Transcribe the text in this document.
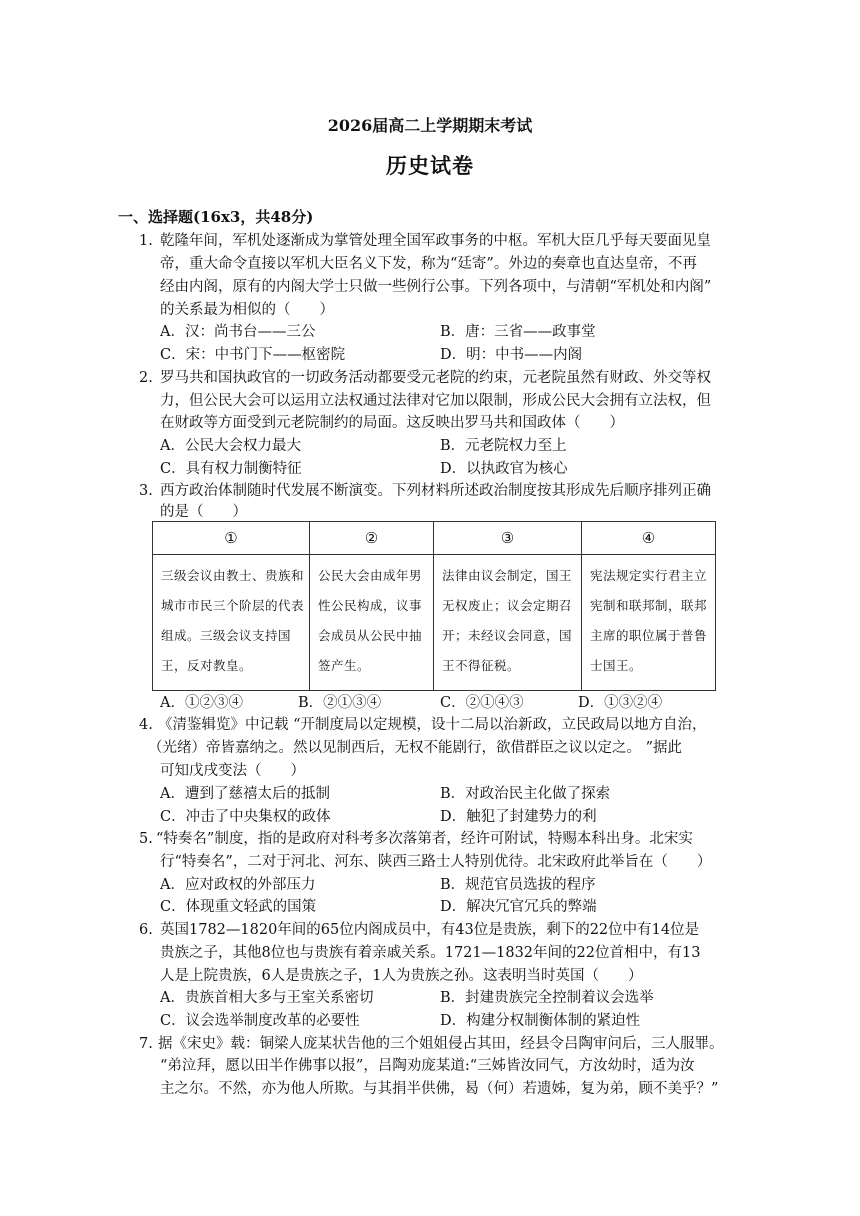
2026届高二上学期期末考试
历史试卷
一、选择题(16x3，共48分)
1. 乾隆年间，军机处逐渐成为掌管处理全国军政事务的中枢。军机大臣几乎每天要面见皇
帝，重大命令直接以军机大臣名义下发，称为“廷寄”。外边的奏章也直达皇帝，不再
经由内阁，原有的内阁大学士只做一些例行公事。下列各项中，与清朝“军机处和内阁”
的关系最为相似的（　　）
A．汉：尚书台——三公	B．唐：三省——政事堂
C．宋：中书门下——枢密院	D．明：中书——内阁
2. 罗马共和国执政官的一切政务活动都要受元老院的约束，元老院虽然有财政、外交等权
力，但公民大会可以运用立法权通过法律对它加以限制，形成公民大会拥有立法权，但
在财政等方面受到元老院制约的局面。这反映出罗马共和国政体（　　）
A．公民大会权力最大	B．元老院权力至上
C．具有权力制衡特征	D．以执政官为核心
3. 西方政治体制随时代发展不断演变。下列材料所述政治制度按其形成先后顺序排列正确
的是（　　）
①	②	③	④

三级会议由教士、贵族和城市市民三个阶层的代表组成。三级会议支持国王，反对教皇。	公民大会由成年男性公民构成，议事会成员从公民中抽签产生。	法律由议会制定，国王无权废止；议会定期召开；未经议会同意，国王不得征税。	宪法规定实行君主立宪制和联邦制，联邦主席的职位属于普鲁士国王。
A．①②③④	B．②①③④	C．②①④③	D．①③②④
4. 《清鉴辑览》中记载 “开制度局以定规模，设十二局以治新政，立民政局以地方自治，
（光绪）帝皆嘉纳之。然以见制西后，无权不能剧行，欲借群臣之议以定之。 ”据此
可知戊戌变法（　　）
A．遭到了慈禧太后的抵制	B．对政治民主化做了探索
C．冲击了中央集权的政体	D．触犯了封建势力的利
5. “特奏名”制度，指的是政府对科考多次落第者，经许可附试，特赐本科出身。北宋实
行“特奏名”，二对于河北、河东、陕西三路士人特别优待。北宋政府此举旨在（　　）
A．应对政权的外部压力	B．规范官员选拔的程序
C．体现重文轻武的国策	D．解决冗官冗兵的弊端
6. 英国1782—1820年间的65位内阁成员中，有43位是贵族，剩下的22位中有14位是
贵族之子，其他8位也与贵族有着亲戚关系。1721—1832年间的22位首相中，有13
人是上院贵族，6人是贵族之子，1人为贵族之孙。这表明当时英国（　　）
A．贵族首相大多与王室关系密切	B．封建贵族完全控制着议会选举
C．议会选举制度改革的必要性	D．构建分权制衡体制的紧迫性
7. 据《宋史》载：铜梁人庞某状告他的三个姐姐侵占其田，经县令吕陶审问后，三人服罪。
“弟泣拜，愿以田半作佛事以报”，吕陶劝庞某道:“三姊皆汝同气，方汝幼时，适为汝
主之尔。不然，亦为他人所欺。与其捐半供佛，曷（何）若遗姊，复为弟，顾不美乎？”
